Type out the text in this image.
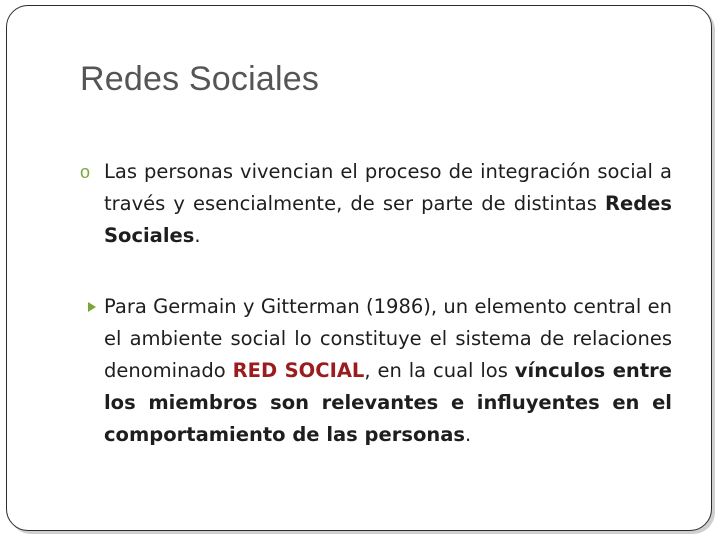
Redes Sociales
o Las personas vivencian el proceso de integración social a través y esencialmente, de ser parte de distintas Redes Sociales.
Para Germain y Gitterman (1986), un elemento central en el ambiente social lo constituye el sistema de relaciones denominado RED SOCIAL, en la cual los vínculos entre los miembros son relevantes e influyentes en el comportamiento de las personas.
